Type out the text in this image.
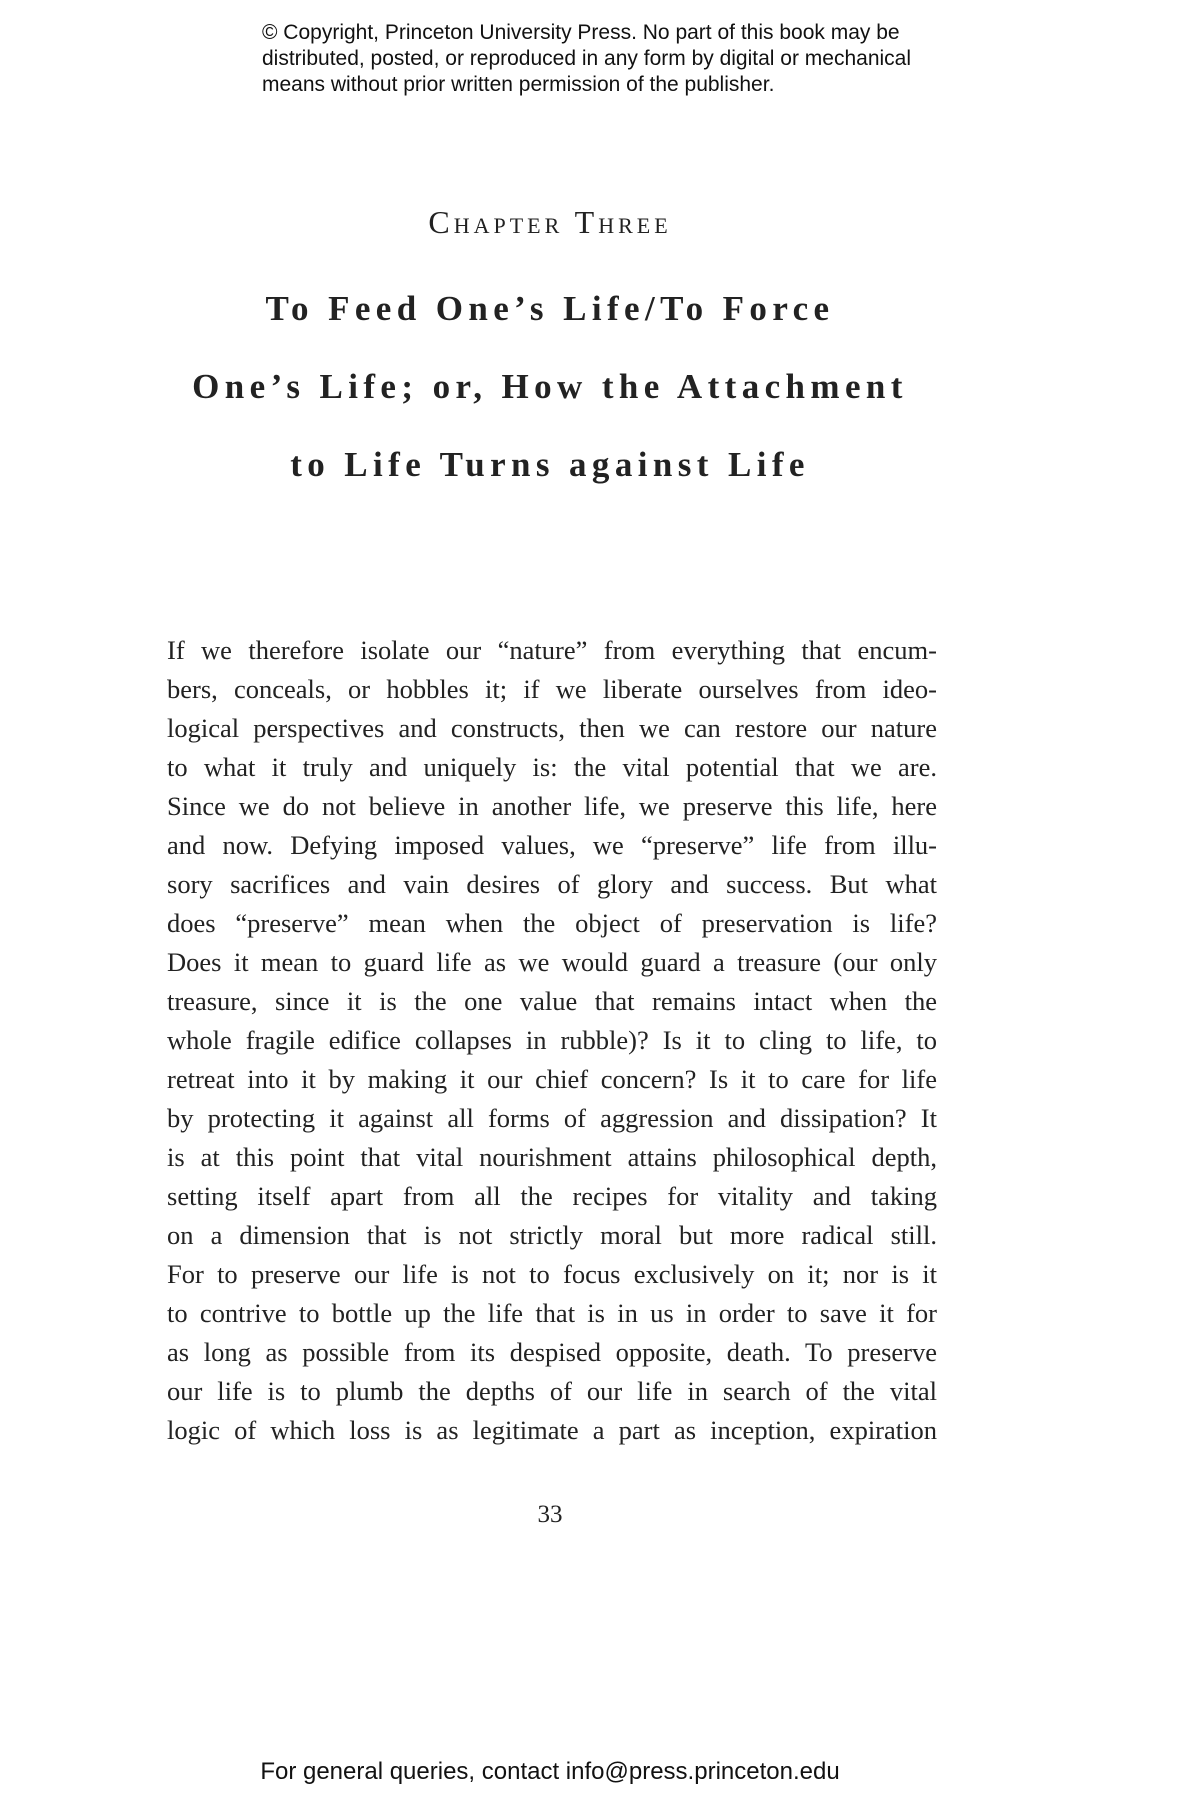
© Copyright, Princeton University Press. No part of this book may be
distributed, posted, or reproduced in any form by digital or mechanical
means without prior written permission of the publisher.
Chapter Three
To Feed One’s Life/To Force
One’s Life; or, How the Attachment
to Life Turns against Life
If we therefore isolate our “nature” from everything that encum-
bers, conceals, or hobbles it; if we liberate ourselves from ideo-
logical perspectives and constructs, then we can restore our nature
to what it truly and uniquely is: the vital potential that we are.
Since we do not believe in another life, we preserve this life, here
and now. Defying imposed values, we “preserve” life from illu-
sory sacrifices and vain desires of glory and success. But what
does “preserve” mean when the object of preservation is life?
Does it mean to guard life as we would guard a treasure (our only
treasure, since it is the one value that remains intact when the
whole fragile edifice collapses in rubble)? Is it to cling to life, to
retreat into it by making it our chief concern? Is it to care for life
by protecting it against all forms of aggression and dissipation? It
is at this point that vital nourishment attains philosophical depth,
setting itself apart from all the recipes for vitality and taking
on a dimension that is not strictly moral but more radical still.
For to preserve our life is not to focus exclusively on it; nor is it
to contrive to bottle up the life that is in us in order to save it for
as long as possible from its despised opposite, death. To preserve
our life is to plumb the depths of our life in search of the vital
logic of which loss is as legitimate a part as inception, expiration
33
For general queries, contact info@press.princeton.edu
